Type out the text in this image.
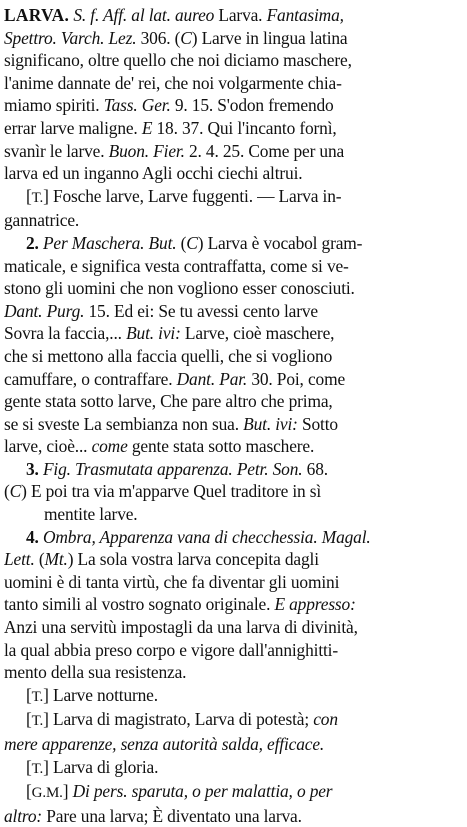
LARVA. S. f. Aff. al lat. aureo Larva. Fantasima,
Spettro. Varch. Lez. 306. (C) Larve in lingua latina
significano, oltre quello che noi diciamo maschere,
l'anime dannate de' rei, che noi volgarmente chia-
miamo spiriti. Tass. Ger. 9. 15. S'odon fremendo
errar larve maligne. E 18. 37. Qui l'incanto fornì,
svanìr le larve. Buon. Fier. 2. 4. 25. Come per una
larva ed un inganno Agli occhi ciechi altrui.
[T.] Fosche larve, Larve fuggenti. — Larva in-
gannatrice.
2. Per Maschera. But. (C) Larva è vocabol gram-
maticale, e significa vesta contraffatta, come si ve-
stono gli uomini che non vogliono esser conosciuti.
Dant. Purg. 15. Ed ei: Se tu avessi cento larve
Sovra la faccia,... But. ivi: Larve, cioè maschere,
che si mettono alla faccia quelli, che si vogliono
camuffare, o contraffare. Dant. Par. 30. Poi, come
gente stata sotto larve, Che pare altro che prima,
se si sveste La sembianza non sua. But. ivi: Sotto
larve, cioè... come gente stata sotto maschere.
3. Fig. Trasmutata apparenza. Petr. Son. 68.
(C) E poi tra via m'apparve Quel traditore in sì
mentite larve.
4. Ombra, Apparenza vana di checchessia. Magal.
Lett. (Mt.) La sola vostra larva concepita dagli
uomini è di tanta virtù, che fa diventar gli uomini
tanto simili al vostro sognato originale. E appresso:
Anzi una servitù impostagli da una larva di divinità,
la qual abbia preso corpo e vigore dall'annighitti-
mento della sua resistenza.
[T.] Larve notturne.
[T.] Larva di magistrato, Larva di potestà; con
mere apparenze, senza autorità salda, efficace.
[T.] Larva di gloria.
[G.M.] Di pers. sparuta, o per malattia, o per
altro: Pare una larva; È diventato una larva.
